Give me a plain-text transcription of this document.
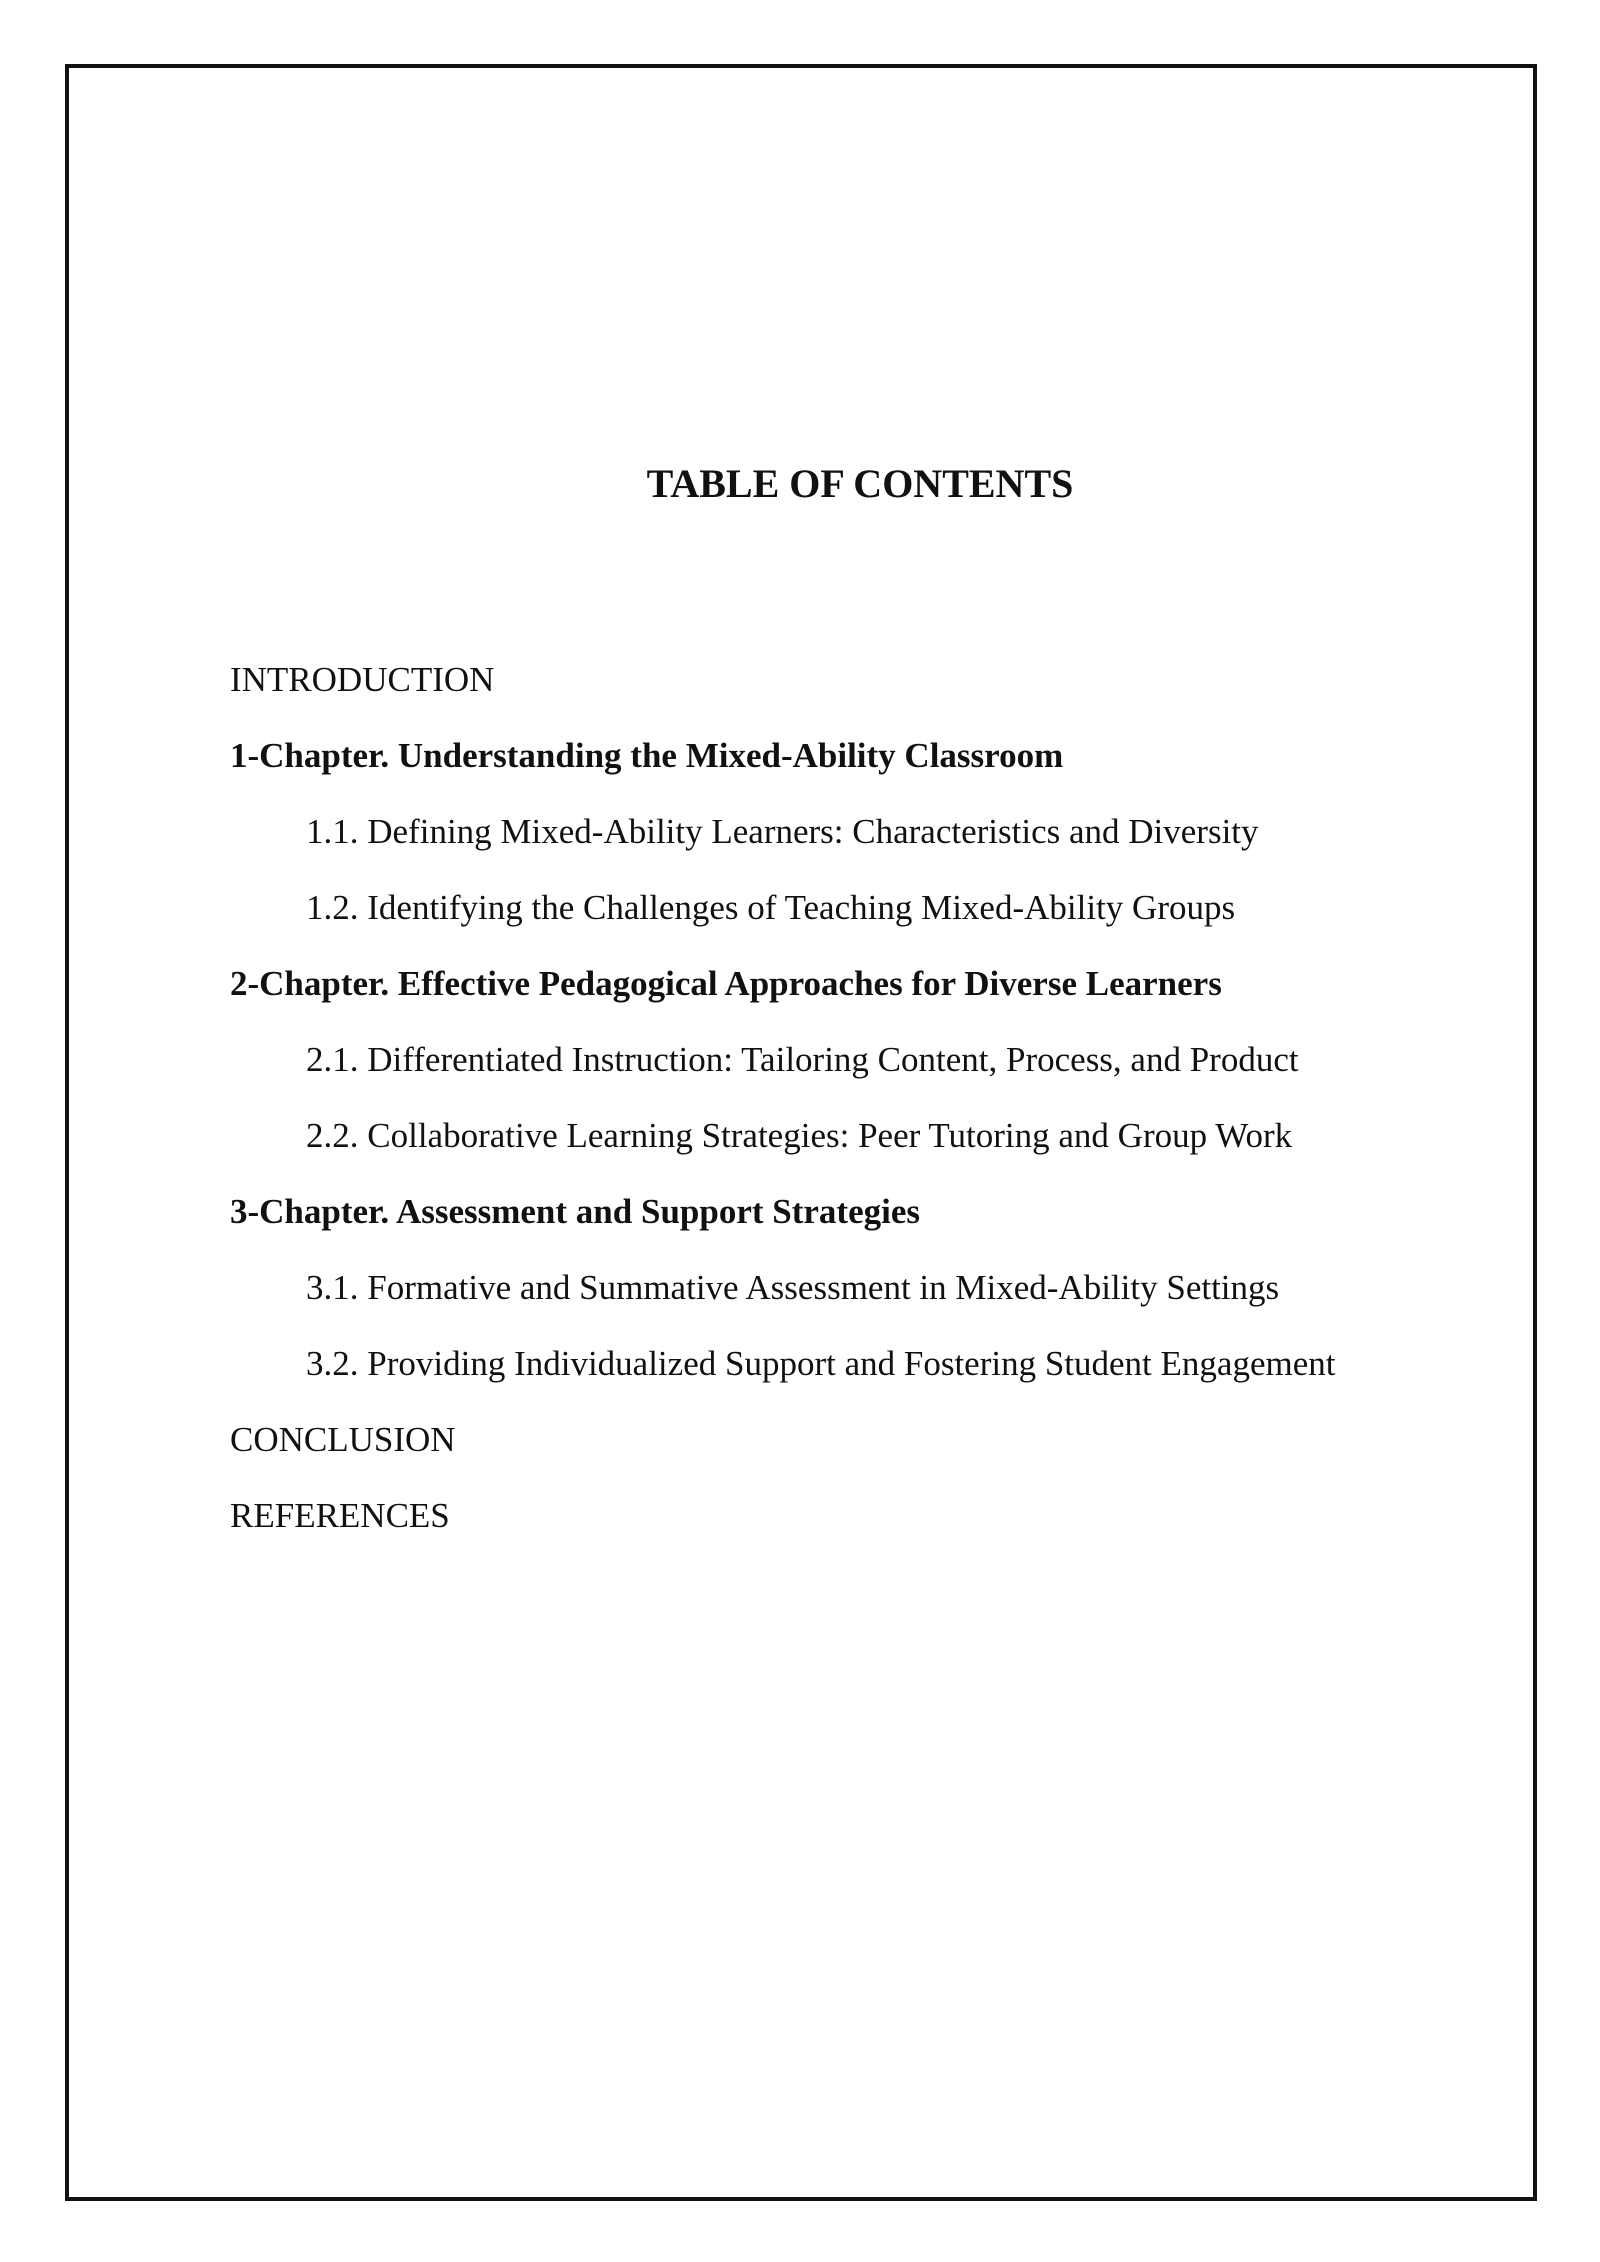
TABLE OF CONTENTS
INTRODUCTION
1-Chapter. Understanding the Mixed-Ability Classroom
1.1. Defining Mixed-Ability Learners: Characteristics and Diversity
1.2. Identifying the Challenges of Teaching Mixed-Ability Groups
2-Chapter. Effective Pedagogical Approaches for Diverse Learners
2.1. Differentiated Instruction: Tailoring Content, Process, and Product
2.2. Collaborative Learning Strategies: Peer Tutoring and Group Work
3-Chapter. Assessment and Support Strategies
3.1. Formative and Summative Assessment in Mixed-Ability Settings
3.2. Providing Individualized Support and Fostering Student Engagement
CONCLUSION
REFERENCES
